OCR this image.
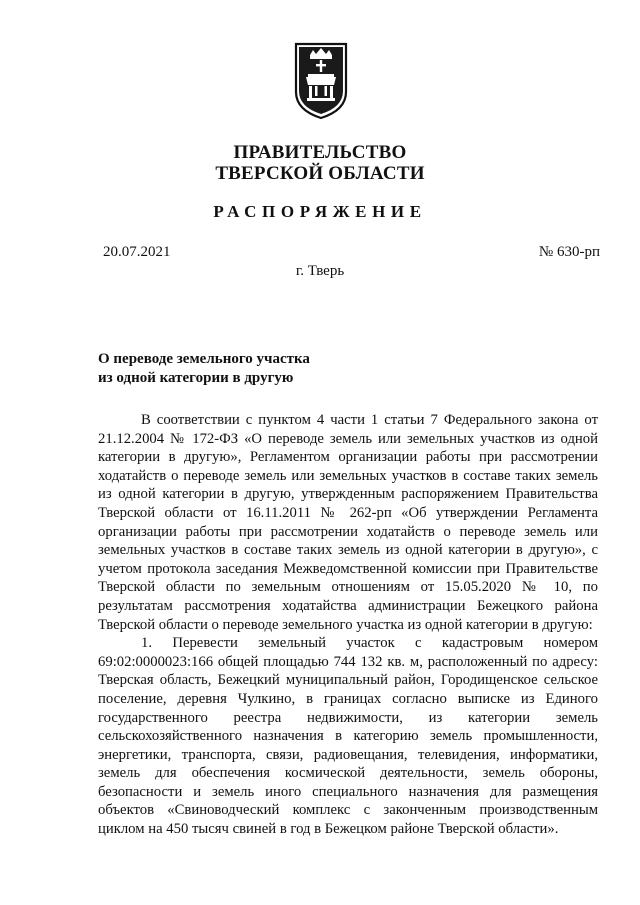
ПРАВИТЕЛЬСТВО
ТВЕРСКОЙ ОБЛАСТИ
РАСПОРЯЖЕНИЕ
20.07.2021	№ 630-рп
г. Тверь
О переводе земельного участка
из одной категории в другую

В соответствии с пунктом 4 части 1 статьи 7 Федерального закона от 21.12.2004 № 172-ФЗ «О переводе земель или земельных участков из одной категории в другую», Регламентом организации работы при рассмотрении ходатайств о переводе земель или земельных участков в составе таких земель из одной категории в другую, утвержденным распоряжением Правительства Тверской области от 16.11.2011 № 262-рп «Об утверждении Регламента организации работы при рассмотрении ходатайств о переводе земель или земельных участков в составе таких земель из одной категории в другую», с учетом протокола заседания Межведомственной комиссии при Правительстве Тверской области по земельным отношениям от 15.05.2020 № 10, по результатам рассмотрения ходатайства администрации Бежецкого района Тверской области о переводе земельного участка из одной категории в другую:

1. Перевести земельный участок с кадастровым номером 69:02:0000023:166 общей площадью 744 132 кв. м, расположенный по адресу: Тверская область, Бежецкий муниципальный район, Городищенское сельское поселение, деревня Чулкино, в границах согласно выписке из Единого государственного реестра недвижимости, из категории земель сельскохозяйственного назначения в категорию земель промышленности, энергетики, транспорта, связи, радиовещания, телевидения, информатики, земель для обеспечения космической деятельности, земель обороны, безопасности и земель иного специального назначения для размещения объектов «Свиноводческий комплекс с законченным производственным циклом на 450 тысяч свиней в год в Бежецком районе Тверской области».
